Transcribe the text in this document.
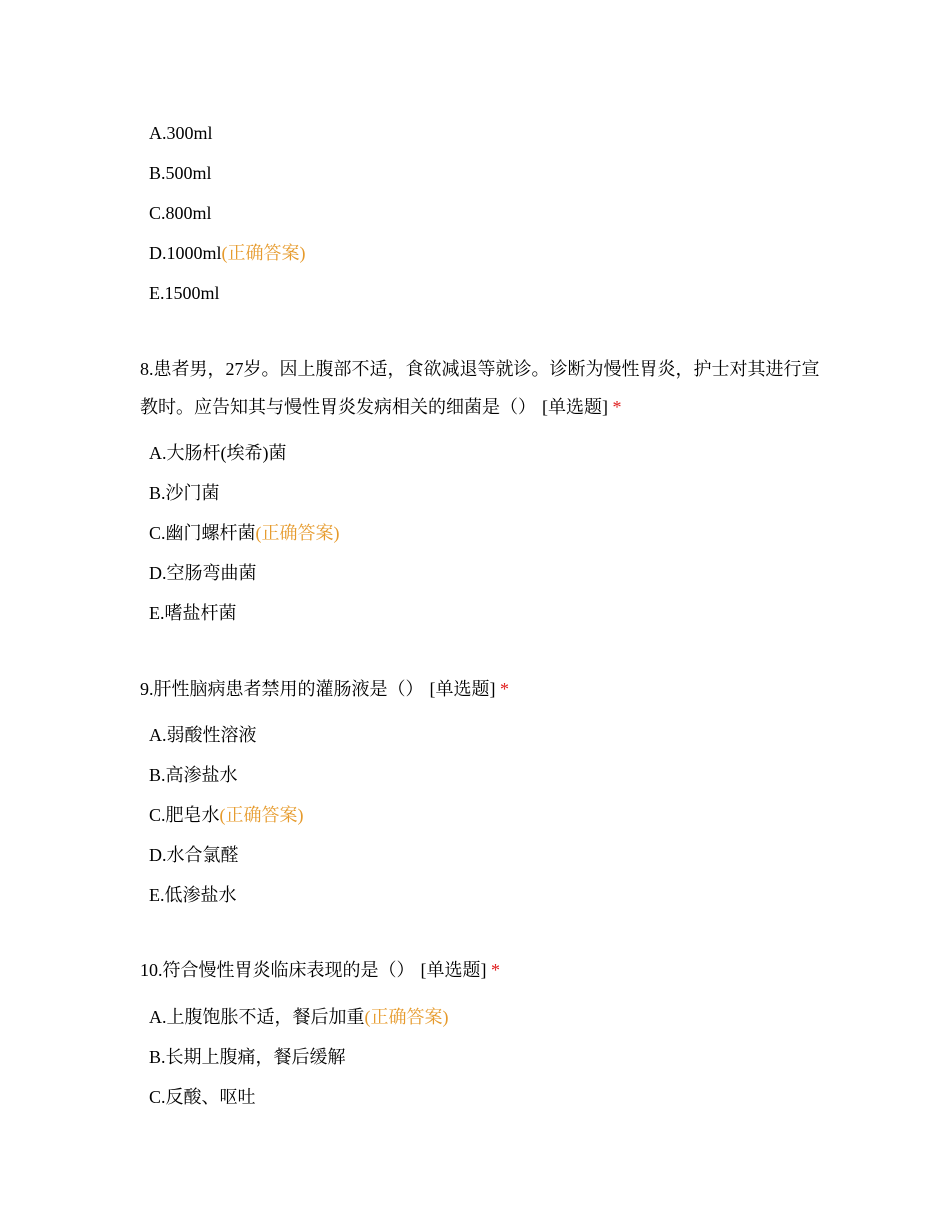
A.300ml
B.500ml
C.800ml
D.1000ml(正确答案)
E.1500ml
8.患者男，27岁。因上腹部不适，食欲减退等就诊。诊断为慢性胃炎，护士对其进行宣教时。应告知其与慢性胃炎发病相关的细菌是（） [单选题] *
A.大肠杆(埃希)菌
B.沙门菌
C.幽门螺杆菌(正确答案)
D.空肠弯曲菌
E.嗜盐杆菌
9.肝性脑病患者禁用的灌肠液是（） [单选题] *
A.弱酸性溶液
B.高渗盐水
C.肥皂水(正确答案)
D.水合氯醛
E.低渗盐水
10.符合慢性胃炎临床表现的是（） [单选题] *
A.上腹饱胀不适，餐后加重(正确答案)
B.长期上腹痛，餐后缓解
C.反酸、呕吐
